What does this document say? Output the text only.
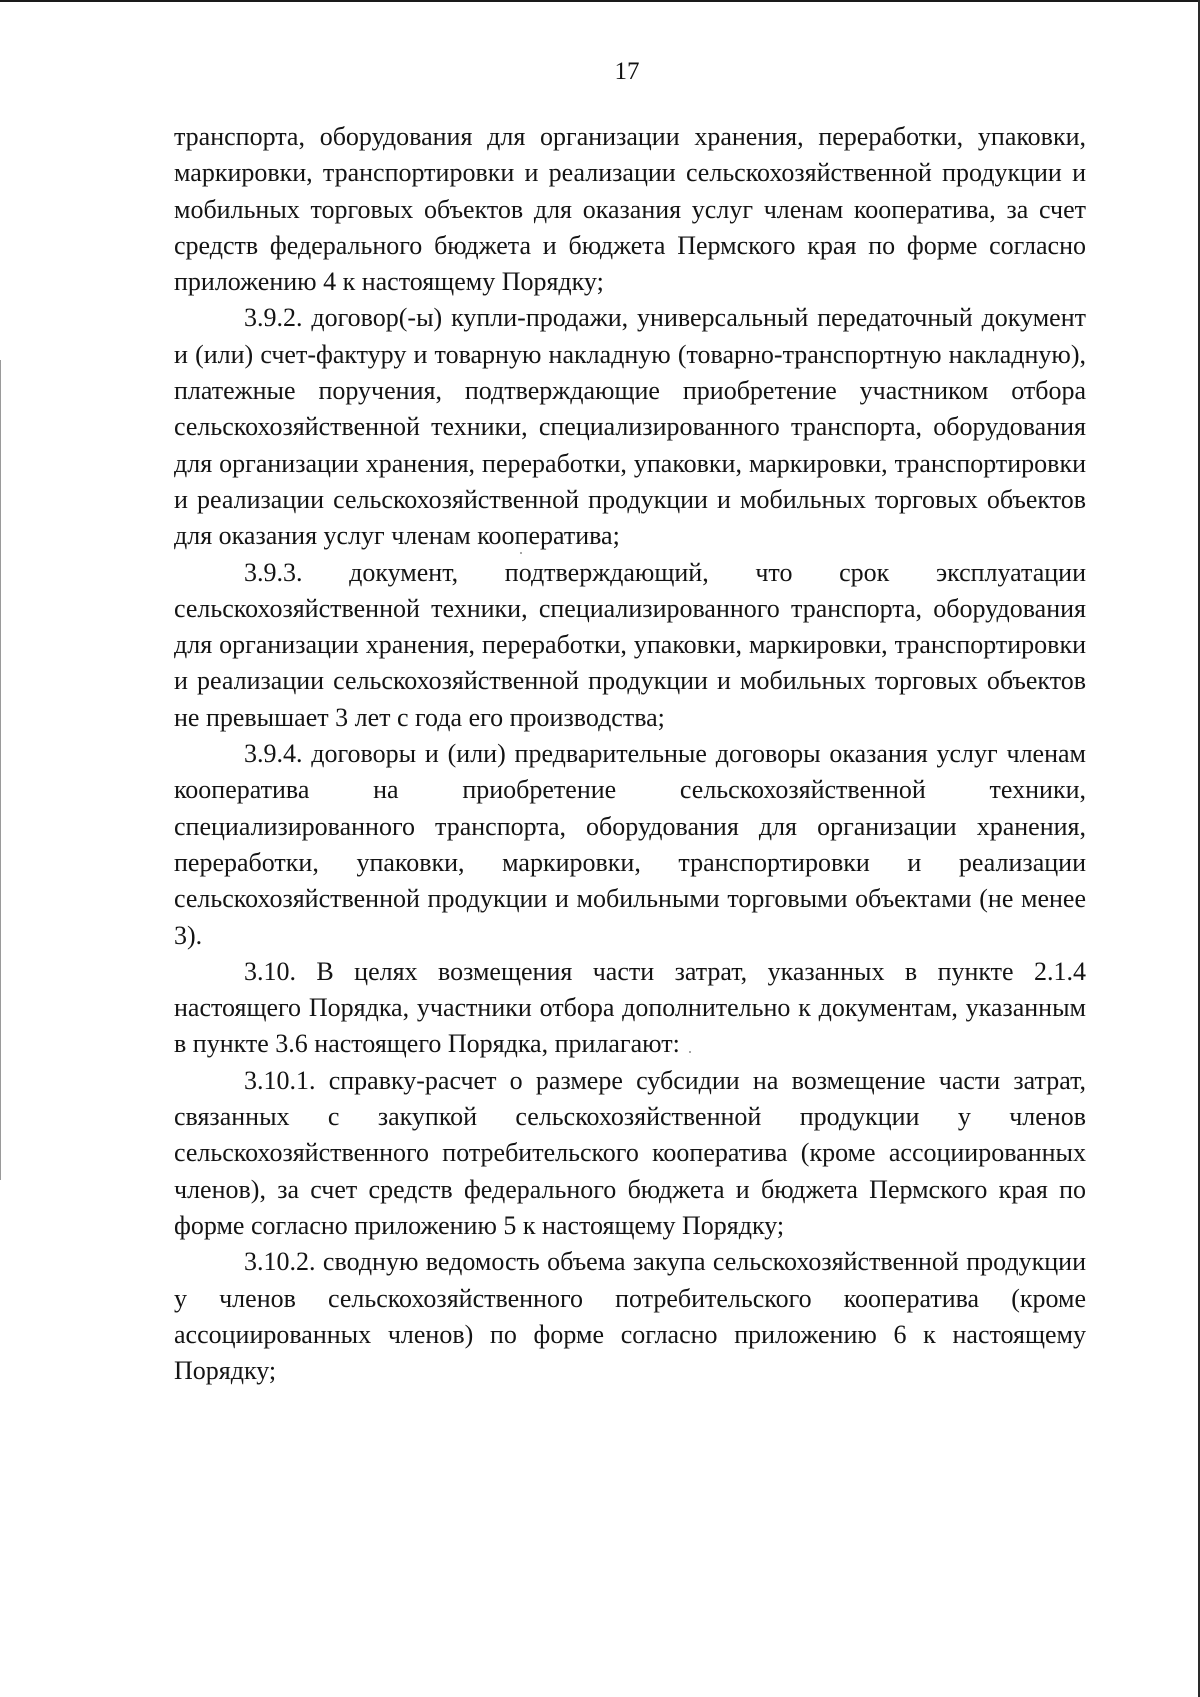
17

транспорта, оборудования для организации хранения, переработки, упаковки, маркировки, транспортировки и реализации сельскохозяйственной продукции и мобильных торговых объектов для оказания услуг членам кооператива, за счет средств федерального бюджета и бюджета Пермского края по форме согласно приложению 4 к настоящему Порядку;

3.9.2. договор(-ы) купли-продажи, универсальный передаточный документ и (или) счет-фактуру и товарную накладную (товарно-транспортную накладную), платежные поручения, подтверждающие приобретение участником отбора сельскохозяйственной техники, специализированного транспорта, оборудования для организации хранения, переработки, упаковки, маркировки, транспортировки и реализации сельскохозяйственной продукции и мобильных торговых объектов для оказания услуг членам кооператива;

3.9.3. документ, подтверждающий, что срок эксплуатации сельскохозяйственной техники, специализированного транспорта, оборудования для организации хранения, переработки, упаковки, маркировки, транспортировки и реализации сельскохозяйственной продукции и мобильных торговых объектов не превышает 3 лет с года его производства;

3.9.4. договоры и (или) предварительные договоры оказания услуг членам кооператива на приобретение сельскохозяйственной техники, специализированного транспорта, оборудования для организации хранения, переработки, упаковки, маркировки, транспортировки и реализации сельскохозяйственной продукции и мобильными торговыми объектами (не менее 3).

3.10. В целях возмещения части затрат, указанных в пункте 2.1.4 настоящего Порядка, участники отбора дополнительно к документам, указанным в пункте 3.6 настоящего Порядка, прилагают:

3.10.1. справку-расчет о размере субсидии на возмещение части затрат, связанных с закупкой сельскохозяйственной продукции у членов сельскохозяйственного потребительского кооператива (кроме ассоциированных членов), за счет средств федерального бюджета и бюджета Пермского края по форме согласно приложению 5 к настоящему Порядку;

3.10.2. сводную ведомость объема закупа сельскохозяйственной продукции у членов сельскохозяйственного потребительского кооператива (кроме ассоциированных членов) по форме согласно приложению 6 к настоящему Порядку;
